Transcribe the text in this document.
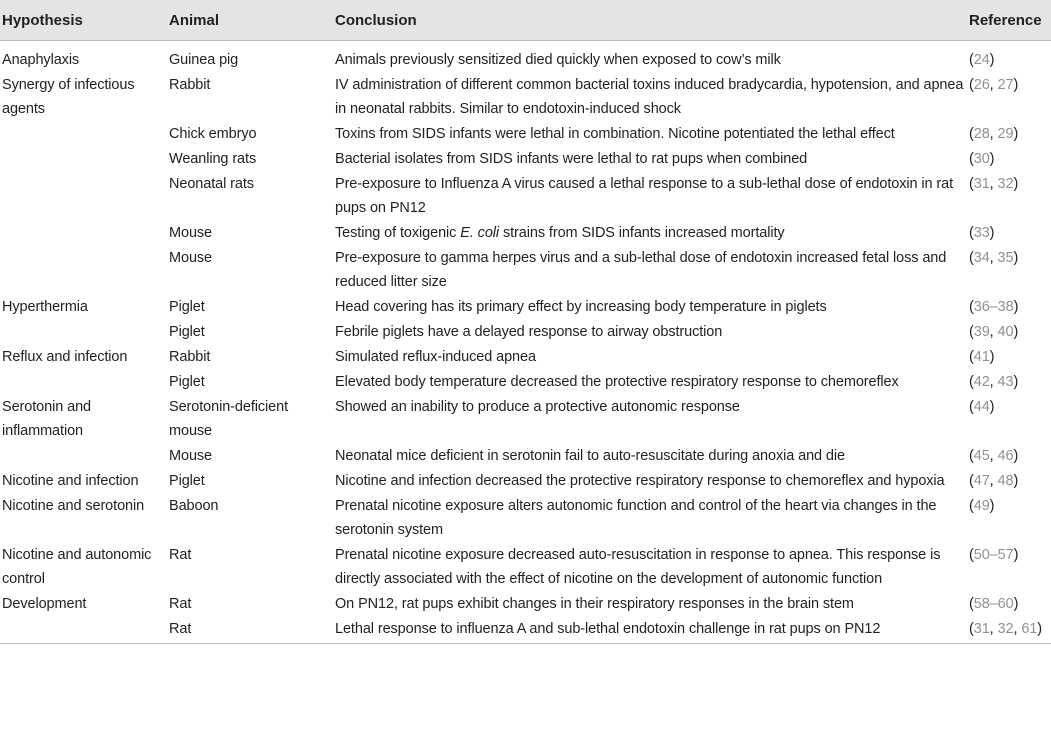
Hypothesis	Animal	Conclusion	Reference

Anaphylaxis	Guinea pig	Animals previously sensitized died quickly when exposed to cow’s milk	(24)

Synergy of infectious agents	Rabbit	IV administration of different common bacterial toxins induced bradycardia, hypotension, and apnea in neonatal rabbits. Similar to endotoxin-induced shock	(26, 27)

	Chick embryo	Toxins from SIDS infants were lethal in combination. Nicotine potentiated the lethal effect	(28, 29)

	Weanling rats	Bacterial isolates from SIDS infants were lethal to rat pups when combined	(30)

	Neonatal rats	Pre-exposure to Influenza A virus caused a lethal response to a sub-lethal dose of endotoxin in rat pups on PN12	(31, 32)

	Mouse	Testing of toxigenic E. coli strains from SIDS infants increased mortality	(33)

	Mouse	Pre-exposure to gamma herpes virus and a sub-lethal dose of endotoxin increased fetal loss and reduced litter size	(34, 35)

Hyperthermia	Piglet	Head covering has its primary effect by increasing body temperature in piglets	(36–38)

	Piglet	Febrile piglets have a delayed response to airway obstruction	(39, 40)

Reflux and infection	Rabbit	Simulated reflux-induced apnea	(41)

	Piglet	Elevated body temperature decreased the protective respiratory response to chemoreflex	(42, 43)

Serotonin and inflammation	Serotonin-deficient mouse	Showed an inability to produce a protective autonomic response	(44)

	Mouse	Neonatal mice deficient in serotonin fail to auto-resuscitate during anoxia and die	(45, 46)

Nicotine and infection	Piglet	Nicotine and infection decreased the protective respiratory response to chemoreflex and hypoxia	(47, 48)

Nicotine and serotonin	Baboon	Prenatal nicotine exposure alters autonomic function and control of the heart via changes in the serotonin system	(49)

Nicotine and autonomic control	Rat	Prenatal nicotine exposure decreased auto-resuscitation in response to apnea. This response is directly associated with the effect of nicotine on the development of autonomic function	(50–57)

Development	Rat	On PN12, rat pups exhibit changes in their respiratory responses in the brain stem	(58–60)

	Rat	Lethal response to influenza A and sub-lethal endotoxin challenge in rat pups on PN12	(31, 32, 61)
